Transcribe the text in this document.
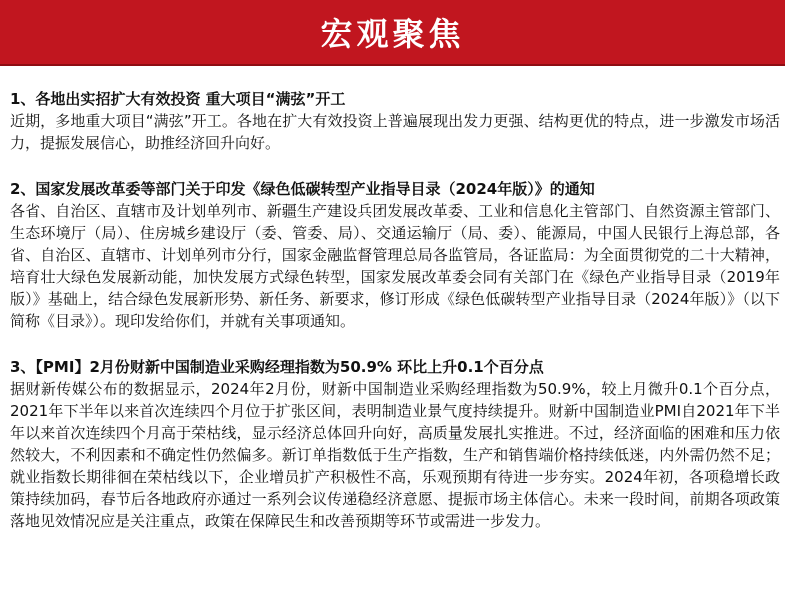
宏观聚焦

1、各地出实招扩大有效投资 重大项目“满弦”开工

近期，多地重大项目“满弦”开工。各地在扩大有效投资上普遍展现出发力更强、结构更优的特点，进一步激发市场活力，提振发展信心，助推经济回升向好。

2、国家发展改革委等部门关于印发《绿色低碳转型产业指导目录（2024年版）》的通知

各省、自治区、直辖市及计划单列市、新疆生产建设兵团发展改革委、工业和信息化主管部门、自然资源主管部门、生态环境厅（局）、住房城乡建设厅（委、管委、局）、交通运输厅（局、委）、能源局，中国人民银行上海总部，各省、自治区、直辖市、计划单列市分行，国家金融监督管理总局各监管局，各证监局：为全面贯彻党的二十大精神，培育壮大绿色发展新动能，加快发展方式绿色转型，国家发展改革委会同有关部门在《绿色产业指导目录（2019年版）》基础上，结合绿色发展新形势、新任务、新要求，修订形成《绿色低碳转型产业指导目录（2024年版）》（以下简称《目录》）。现印发给你们，并就有关事项通知。

3、【PMI】2月份财新中国制造业采购经理指数为50.9% 环比上升0.1个百分点

据财新传媒公布的数据显示，2024年2月份，财新中国制造业采购经理指数为50.9%，较上月微升0.1个百分点，2021年下半年以来首次连续四个月位于扩张区间，表明制造业景气度持续提升。财新中国制造业PMI自2021年下半年以来首次连续四个月高于荣枯线，显示经济总体回升向好，高质量发展扎实推进。不过，经济面临的困难和压力依然较大，不利因素和不确定性仍然偏多。新订单指数低于生产指数，生产和销售端价格持续低迷，内外需仍然不足；就业指数长期徘徊在荣枯线以下，企业增员扩产积极性不高，乐观预期有待进一步夯实。2024年初，各项稳增长政策持续加码，春节后各地政府亦通过一系列会议传递稳经济意愿、提振市场主体信心。未来一段时间，前期各项政策落地见效情况应是关注重点，政策在保障民生和改善预期等环节或需进一步发力。
